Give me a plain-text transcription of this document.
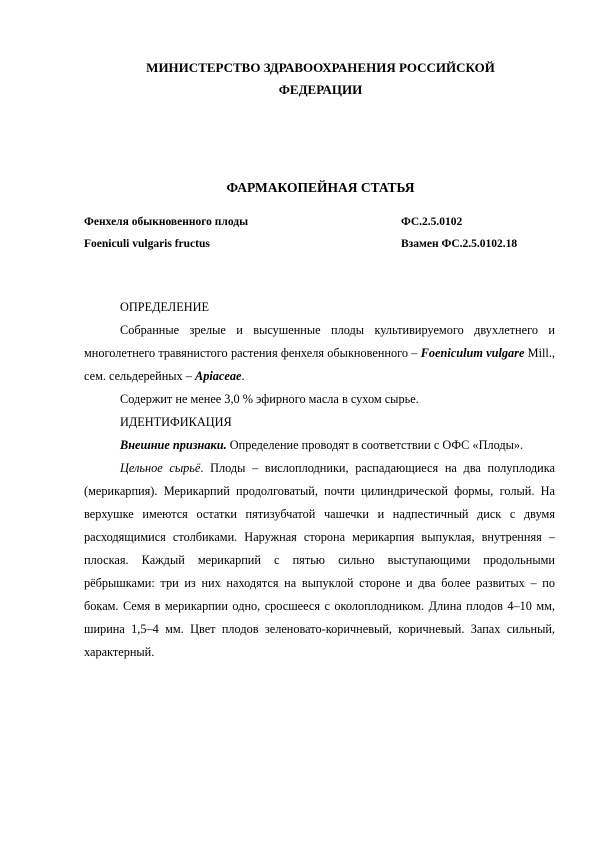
МИНИСТЕРСТВО ЗДРАВООХРАНЕНИЯ РОССИЙСКОЙ
ФЕДЕРАЦИИ
ФАРМАКОПЕЙНАЯ СТАТЬЯ
Фенхеля обыкновенного плоды	ФС.2.5.0102
Foeniculi vulgaris fructus	Взамен ФС.2.5.0102.18

ОПРЕДЕЛЕНИЕ

Собранные зрелые и высушенные плоды культивируемого двухлетнего и многолетнего травянистого растения фенхеля обыкновенного – Foeniculum vulgare Mill., сем. сельдерейных – Apiaceae.

Содержит не менее 3,0 % эфирного масла в сухом сырье.

ИДЕНТИФИКАЦИЯ

Внешние признаки. Определение проводят в соответствии с ОФС «Плоды».

Цельное сырьё. Плоды – вислоплодники, распадающиеся на два полуплодика (мерикарпия). Мерикарпий продолговатый, почти цилиндрической формы, голый. На верхушке имеются остатки пятизубчатой чашечки и надпестичный диск с двумя расходящимися столбиками. Наружная сторона мерикарпия выпуклая, внутренняя – плоская. Каждый мерикарпий с пятью сильно выступающими продольными рёбрышками: три из них находятся на выпуклой стороне и два более развитых – по бокам. Семя в мерикарпии одно, сросшееся с околоплодником. Длина плодов 4–10 мм, ширина 1,5–4 мм. Цвет плодов зеленовато-коричневый, коричневый. Запах сильный, характерный.
